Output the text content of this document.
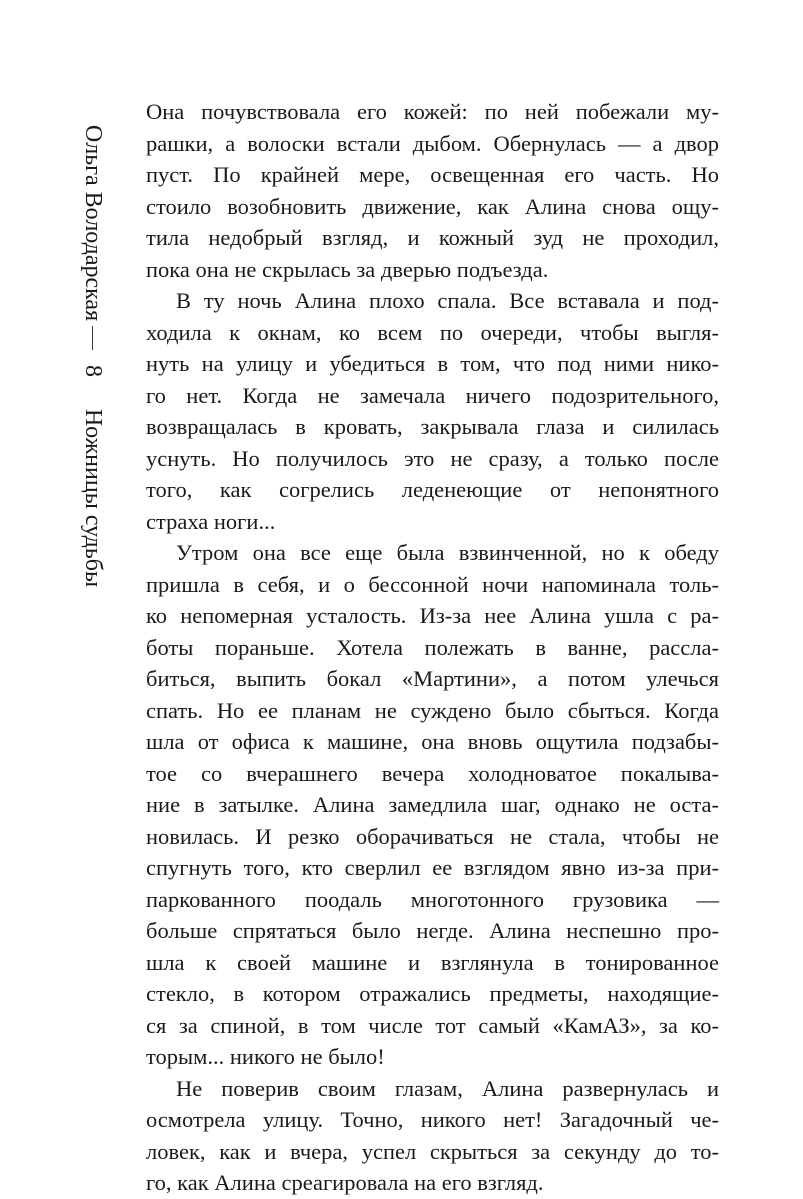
Ольга Володарская
8
Ножницы судьбы
Она почувствовала его кожей: по ней побежали му-
рашки, а волоски встали дыбом. Обернулась — а двор
пуст. По крайней мере, освещенная его часть. Но
стоило возобновить движение, как Алина снова ощу-
тила недобрый взгляд, и кожный зуд не проходил,
пока она не скрылась за дверью подъезда.
В ту ночь Алина плохо спала. Все вставала и под-
ходила к окнам, ко всем по очереди, чтобы выгля-
нуть на улицу и убедиться в том, что под ними нико-
го нет. Когда не замечала ничего подозрительного,
возвращалась в кровать, закрывала глаза и силилась
уснуть. Но получилось это не сразу, а только после
того, как согрелись леденеющие от непонятного
страха ноги...
Утром она все еще была взвинченной, но к обеду
пришла в себя, и о бессонной ночи напоминала толь-
ко непомерная усталость. Из-за нее Алина ушла с ра-
боты пораньше. Хотела полежать в ванне, рассла-
биться, выпить бокал «Мартини», а потом улечься
спать. Но ее планам не суждено было сбыться. Когда
шла от офиса к машине, она вновь ощутила подзабы-
тое со вчерашнего вечера холодноватое покалыва-
ние в затылке. Алина замедлила шаг, однако не оста-
новилась. И резко оборачиваться не стала, чтобы не
спугнуть того, кто сверлил ее взглядом явно из-за при-
паркованного поодаль многотонного грузовика —
больше спрятаться было негде. Алина неспешно про-
шла к своей машине и взглянула в тонированное
стекло, в котором отражались предметы, находящие-
ся за спиной, в том числе тот самый «КамАЗ», за ко-
торым... никого не было!
Не поверив своим глазам, Алина развернулась и
осмотрела улицу. Точно, никого нет! Загадочный че-
ловек, как и вчера, успел скрыться за секунду до то-
го, как Алина среагировала на его взгляд.
